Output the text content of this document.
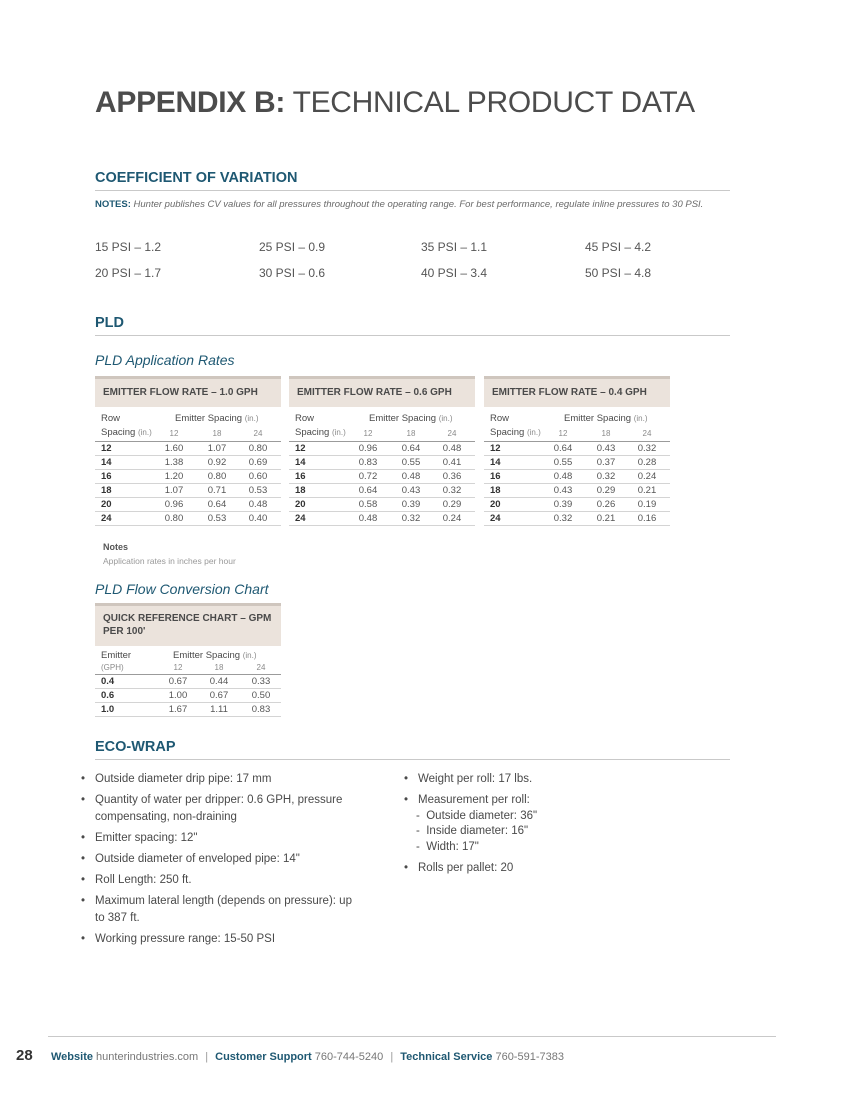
APPENDIX B: TECHNICAL PRODUCT DATA
COEFFICIENT OF VARIATION
NOTES: Hunter publishes CV values for all pressures throughout the operating range. For best performance, regulate inline pressures to 30 PSI.
15 PSI – 1.2	25 PSI – 0.9	35 PSI – 1.1	45 PSI – 4.2
20 PSI – 1.7	30 PSI – 0.6	40 PSI – 3.4	50 PSI – 4.8
PLD
PLD Application Rates
EMITTER FLOW RATE – 1.0 GPH
Row
Spacing (in.)
Emitter Spacing (in.)
12	18	24
12	1.60	1.07	0.80
14	1.38	0.92	0.69
16	1.20	0.80	0.60
18	1.07	0.71	0.53
20	0.96	0.64	0.48
24	0.80	0.53	0.40
EMITTER FLOW RATE – 0.6 GPH
Row
Spacing (in.)
Emitter Spacing (in.)
12	18	24
12	0.96	0.64	0.48
14	0.83	0.55	0.41
16	0.72	0.48	0.36
18	0.64	0.43	0.32
20	0.58	0.39	0.29
24	0.48	0.32	0.24
EMITTER FLOW RATE – 0.4 GPH
Row
Spacing (in.)
Emitter Spacing (in.)
12	18	24
12	0.64	0.43	0.32
14	0.55	0.37	0.28
16	0.48	0.32	0.24
18	0.43	0.29	0.21
20	0.39	0.26	0.19
24	0.32	0.21	0.16
Notes
Application rates in inches per hour
PLD Flow Conversion Chart
QUICK REFERENCE CHART – GPM PER 100'
Emitter
(GPH)
Emitter Spacing (in.)
12	18	24
0.4	0.67	0.44	0.33
0.6	1.00	0.67	0.50
1.0	1.67	1.11	0.83
ECO-WRAP
• Outside diameter drip pipe: 17 mm
• Quantity of water per dripper: 0.6 GPH, pressure compensating, non-draining
• Emitter spacing: 12"
• Outside diameter of enveloped pipe: 14"
• Roll Length: 250 ft.
• Maximum lateral length (depends on pressure): up to 387 ft.
• Working pressure range: 15-50 PSI
• Weight per roll: 17 lbs.
• Measurement per roll:
-  Outside diameter: 36"
-  Inside diameter: 16"
-  Width: 17"
• Rolls per pallet: 20
28 Website hunterindustries.com | Customer Support 760-744-5240 | Technical Service 760-591-7383
